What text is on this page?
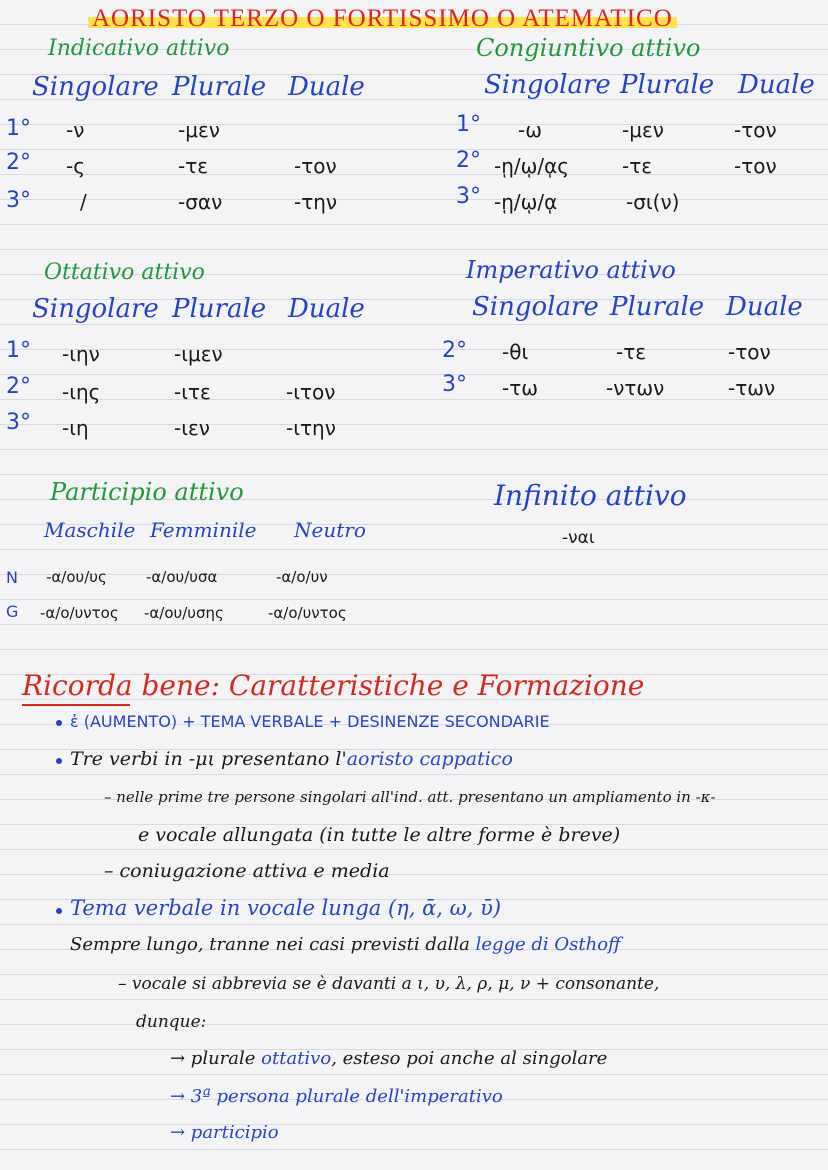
AORISTO TERZO O FORTISSIMO O ATEMATICO
Indicativo attivo
Singolare Plurale Duale
1° -ν	-μεν
2° -ς	-τε	-τον
3° /	-σαν	-την
Congiuntivo attivo
Singolare Plurale Duale
1° -ω	-μεν	-τον
2° -ῃ/ῳ/ᾳς	-τε	-τον
3° -ῃ/ῳ/ᾳ	-σι(ν)
Ottativo attivo
Singolare Plurale Duale
1° -ιην	-ιμεν
2° -ιης	-ιτε	-ιτον
3° -ιη	-ιεν	-ιτην
Imperativo attivo
Singolare Plurale Duale
2° -θι	-τε	-τον
3° -τω	-ντων	-των
Participio attivo
Maschile Femminile Neutro
N -α/ου/υς	-α/ου/υσα	-α/ο/υν
G -α/ο/υντος -α/ου/υσης	-α/ο/υντος
Infinito attivo
-ναι
Ricorda bene: Caratteristiche e Formazione
ἐ (AUMENTO) + TEMA VERBALE + DESINENZE SECONDARIE
Tre verbi in -μι presentano l'aoristo cappatico
– nelle prime tre persone singolari all'ind. att. presentano un ampliamento in -κ-
e vocale allungata (in tutte le altre forme è breve)
– coniugazione attiva e media
Tema verbale in vocale lunga (η, ᾱ, ω, ῡ)
Sempre lungo, tranne nei casi previsti dalla legge di Osthoff
– vocale si abbrevia se è davanti a ι, υ, λ, ρ, μ, ν + consonante,
dunque:
→ plurale ottativo, esteso poi anche al singolare
→ 3ª persona plurale dell'imperativo
→ participio
